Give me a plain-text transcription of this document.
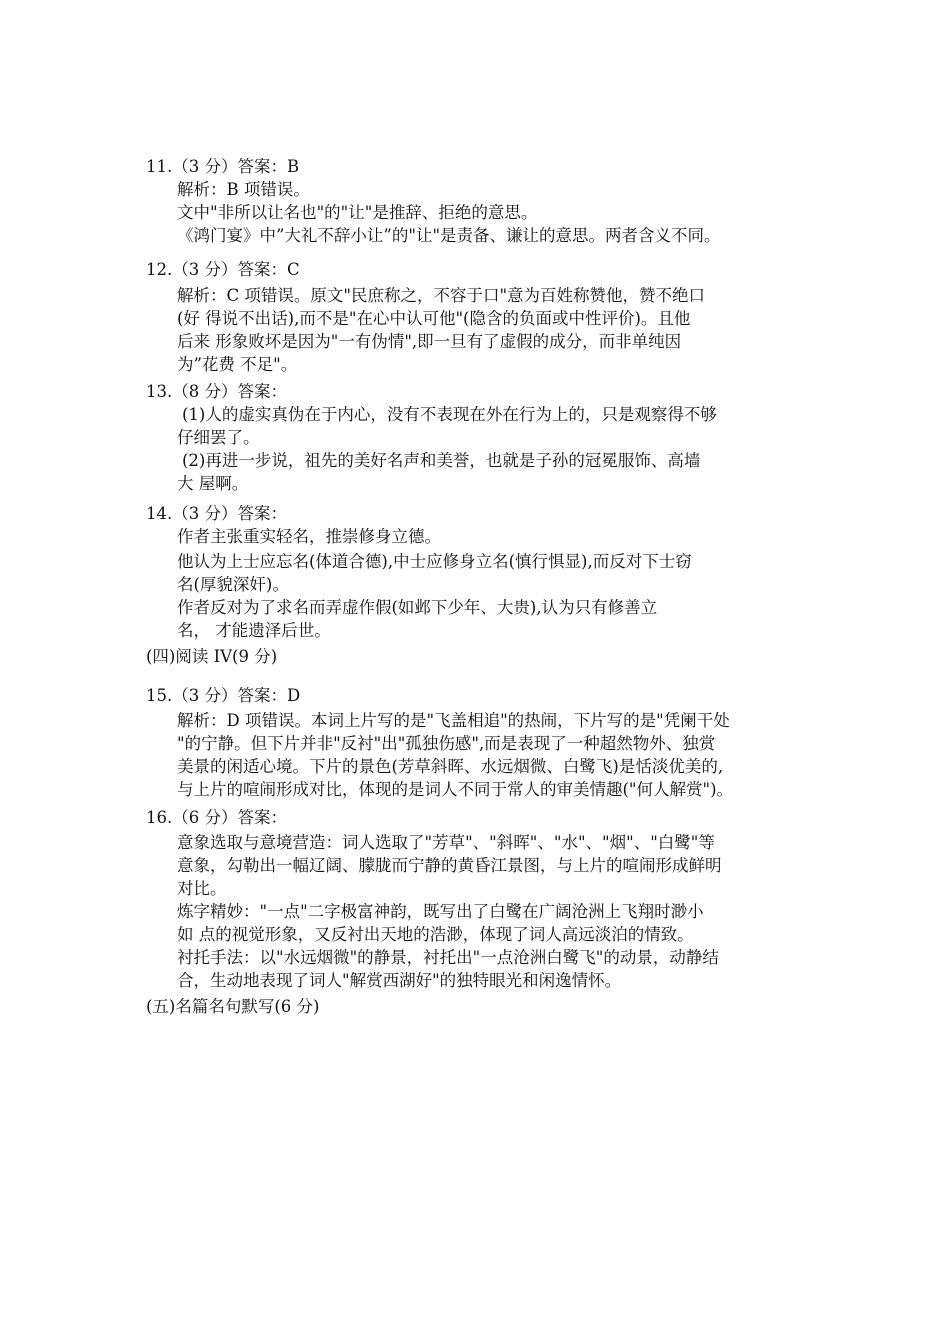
11.（3 分）答案：B
解析：B 项错误。
文中"非所以让名也"的"让"是推辞、拒绝的意思。
《鸿门宴》中”大礼不辞小让”的"让"是责备、谦让的意思。两者含义不同。
12.（3 分）答案：C
解析：C 项错误。原文"民庶称之，不容于口"意为百姓称赞他，赞不绝口
(好 得说不出话),而不是"在心中认可他"(隐含的负面或中性评价)。且他
后来 形象败坏是因为"一有伪情",即一旦有了虚假的成分，而非单纯因
为”花费 不足"。
13.（8 分）答案：
(1)人的虚实真伪在于内心，没有不表现在外在行为上的，只是观察得不够
仔细罢了。
(2)再进一步说，祖先的美好名声和美誉，也就是子孙的冠冕服饰、高墙
大 屋啊。
14.（3 分）答案：
作者主张重实轻名，推崇修身立德。
他认为上士应忘名(体道合德),中士应修身立名(慎行惧显),而反对下士窃
名(厚貌深奸)。
作者反对为了求名而弄虚作假(如邺下少年、大贵),认为只有修善立
名， 才能遗泽后世。
(四)阅读 IV(9 分)
15.（3 分）答案：D
解析：D 项错误。本词上片写的是"飞盖相追"的热闹，下片写的是"凭阑干处
"的宁静。但下片并非"反衬"出"孤独伤感",而是表现了一种超然物外、独赏
美景的闲适心境。下片的景色(芳草斜晖、水远烟微、白鹭飞)是恬淡优美的,
与上片的喧闹形成对比，体现的是词人不同于常人的审美情趣("何人解赏")。
16.（6 分）答案：
意象选取与意境营造：词人选取了"芳草"、"斜晖"、"水"、"烟"、"白鹭"等
意象，勾勒出一幅辽阔、朦胧而宁静的黄昏江景图，与上片的喧闹形成鲜明
对比。
炼字精妙："一点"二字极富神韵，既写出了白鹭在广阔沧洲上飞翔时渺小
如 点的视觉形象，又反衬出天地的浩渺，体现了词人高远淡泊的情致。
衬托手法：以"水远烟微"的静景，衬托出"一点沧洲白鹭飞"的动景，动静结
合，生动地表现了词人"解赏西湖好"的独特眼光和闲逸情怀。
(五)名篇名句默写(6 分)
